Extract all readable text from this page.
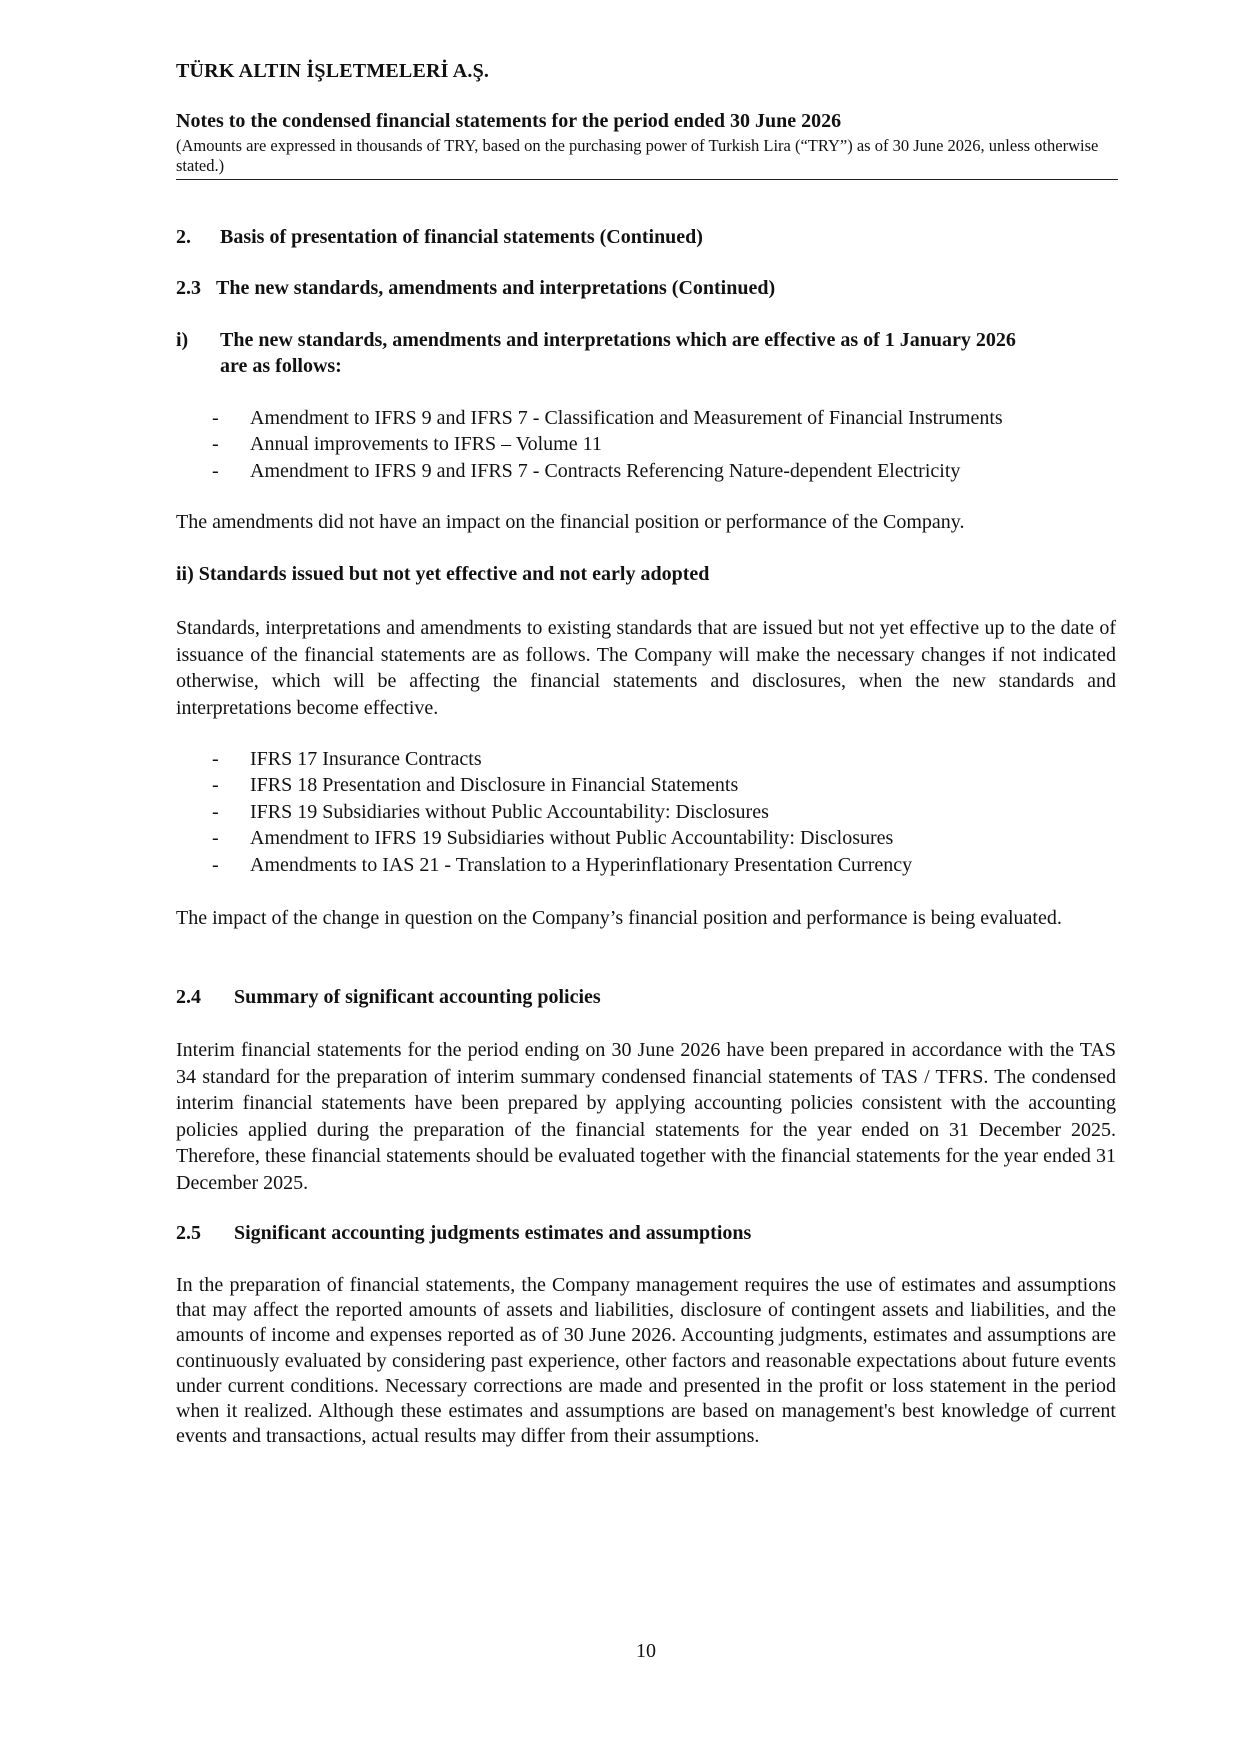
TÜRK ALTIN İŞLETMELERİ A.Ş.
Notes to the condensed financial statements for the period ended 30 June 2026
(Amounts are expressed in thousands of TRY, based on the purchasing power of Turkish Lira (“TRY”) as of 30 June 2026, unless otherwise stated.)
2. Basis of presentation of financial statements (Continued)
2.3 The new standards, amendments and interpretations (Continued)
i) The new standards, amendments and interpretations which are effective as of 1 January 2026
are as follows:
- Amendment to IFRS 9 and IFRS 7 - Classification and Measurement of Financial Instruments
- Annual improvements to IFRS – Volume 11
- Amendment to IFRS 9 and IFRS 7 - Contracts Referencing Nature-dependent Electricity
The amendments did not have an impact on the financial position or performance of the Company.
ii) Standards issued but not yet effective and not early adopted
Standards, interpretations and amendments to existing standards that are issued but not yet effective up to the date of issuance of the financial statements are as follows. The Company will make the necessary changes if not indicated otherwise, which will be affecting the financial statements and disclosures, when the new standards and interpretations become effective.
- IFRS 17 Insurance Contracts
- IFRS 18 Presentation and Disclosure in Financial Statements
- IFRS 19 Subsidiaries without Public Accountability: Disclosures
- Amendment to IFRS 19 Subsidiaries without Public Accountability: Disclosures
- Amendments to IAS 21 - Translation to a Hyperinflationary Presentation Currency
The impact of the change in question on the Company’s financial position and performance is being evaluated.
2.4 Summary of significant accounting policies
Interim financial statements for the period ending on 30 June 2026 have been prepared in accordance with the TAS 34 standard for the preparation of interim summary condensed financial statements of TAS / TFRS. The condensed interim financial statements have been prepared by applying accounting policies consistent with the accounting policies applied during the preparation of the financial statements for the year ended on 31 December 2025. Therefore, these financial statements should be evaluated together with the financial statements for the year ended 31 December 2025.
2.5 Significant accounting judgments estimates and assumptions
In the preparation of financial statements, the Company management requires the use of estimates and assumptions that may affect the reported amounts of assets and liabilities, disclosure of contingent assets and liabilities, and the amounts of income and expenses reported as of 30 June 2026. Accounting judgments, estimates and assumptions are continuously evaluated by considering past experience, other factors and reasonable expectations about future events under current conditions. Necessary corrections are made and presented in the profit or loss statement in the period when it realized. Although these estimates and assumptions are based on management's best knowledge of current events and transactions, actual results may differ from their assumptions.
10
